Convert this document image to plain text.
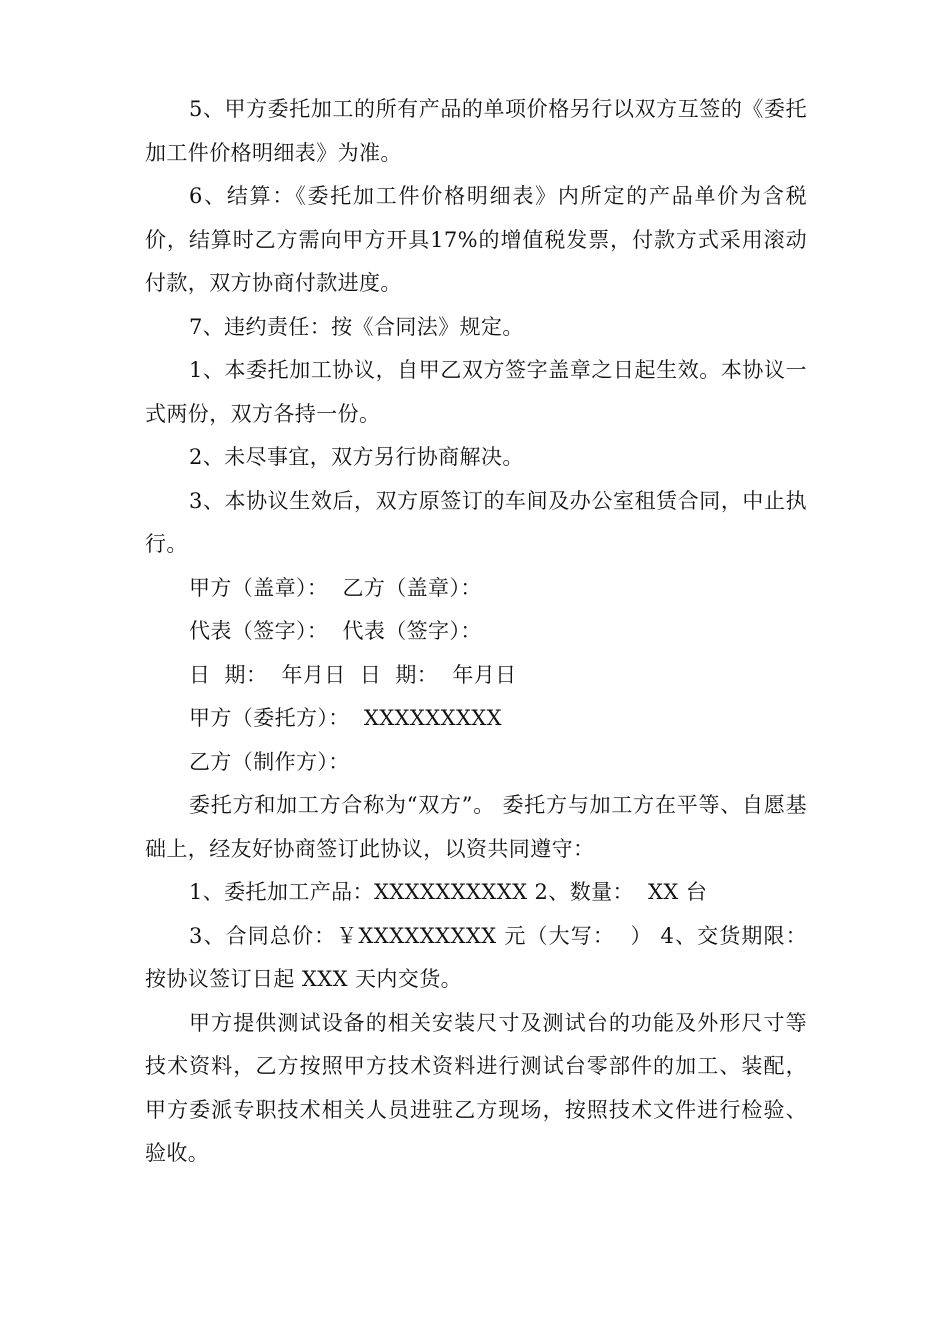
5、甲方委托加工的所有产品的单项价格另行以双方互签的《委托加工件价格明细表》为准。

6、结算：《委托加工件价格明细表》内所定的产品单价为含税价，结算时乙方需向甲方开具17%的增值税发票，付款方式采用滚动付款，双方协商付款进度。

7、违约责任：按《合同法》规定。

1、本委托加工协议，自甲乙双方签字盖章之日起生效。本协议一式两份，双方各持一份。

2、未尽事宜，双方另行协商解决。

3、本协议生效后，双方原签订的车间及办公室租赁合同，中止执行。

甲方（盖章）：  乙方（盖章）：

代表（签字）：  代表（签字）：

日  期：  年月日  日  期：  年月日

甲方（委托方）：  XXXXXXXXX

乙方（制作方）：

委托方和加工方合称为“双方”。 委托方与加工方在平等、自愿基础上，经友好协商签订此协议，以资共同遵守：

1、委托加工产品：XXXXXXXXXX 2、数量：  XX 台

3、合同总价：￥XXXXXXXXX 元（大写：  ） 4、交货期限：按协议签订日起 XXX 天内交货。

甲方提供测试设备的相关安装尺寸及测试台的功能及外形尺寸等技术资料，乙方按照甲方技术资料进行测试台零部件的加工、装配，甲方委派专职技术相关人员进驻乙方现场，按照技术文件进行检验、验收。
